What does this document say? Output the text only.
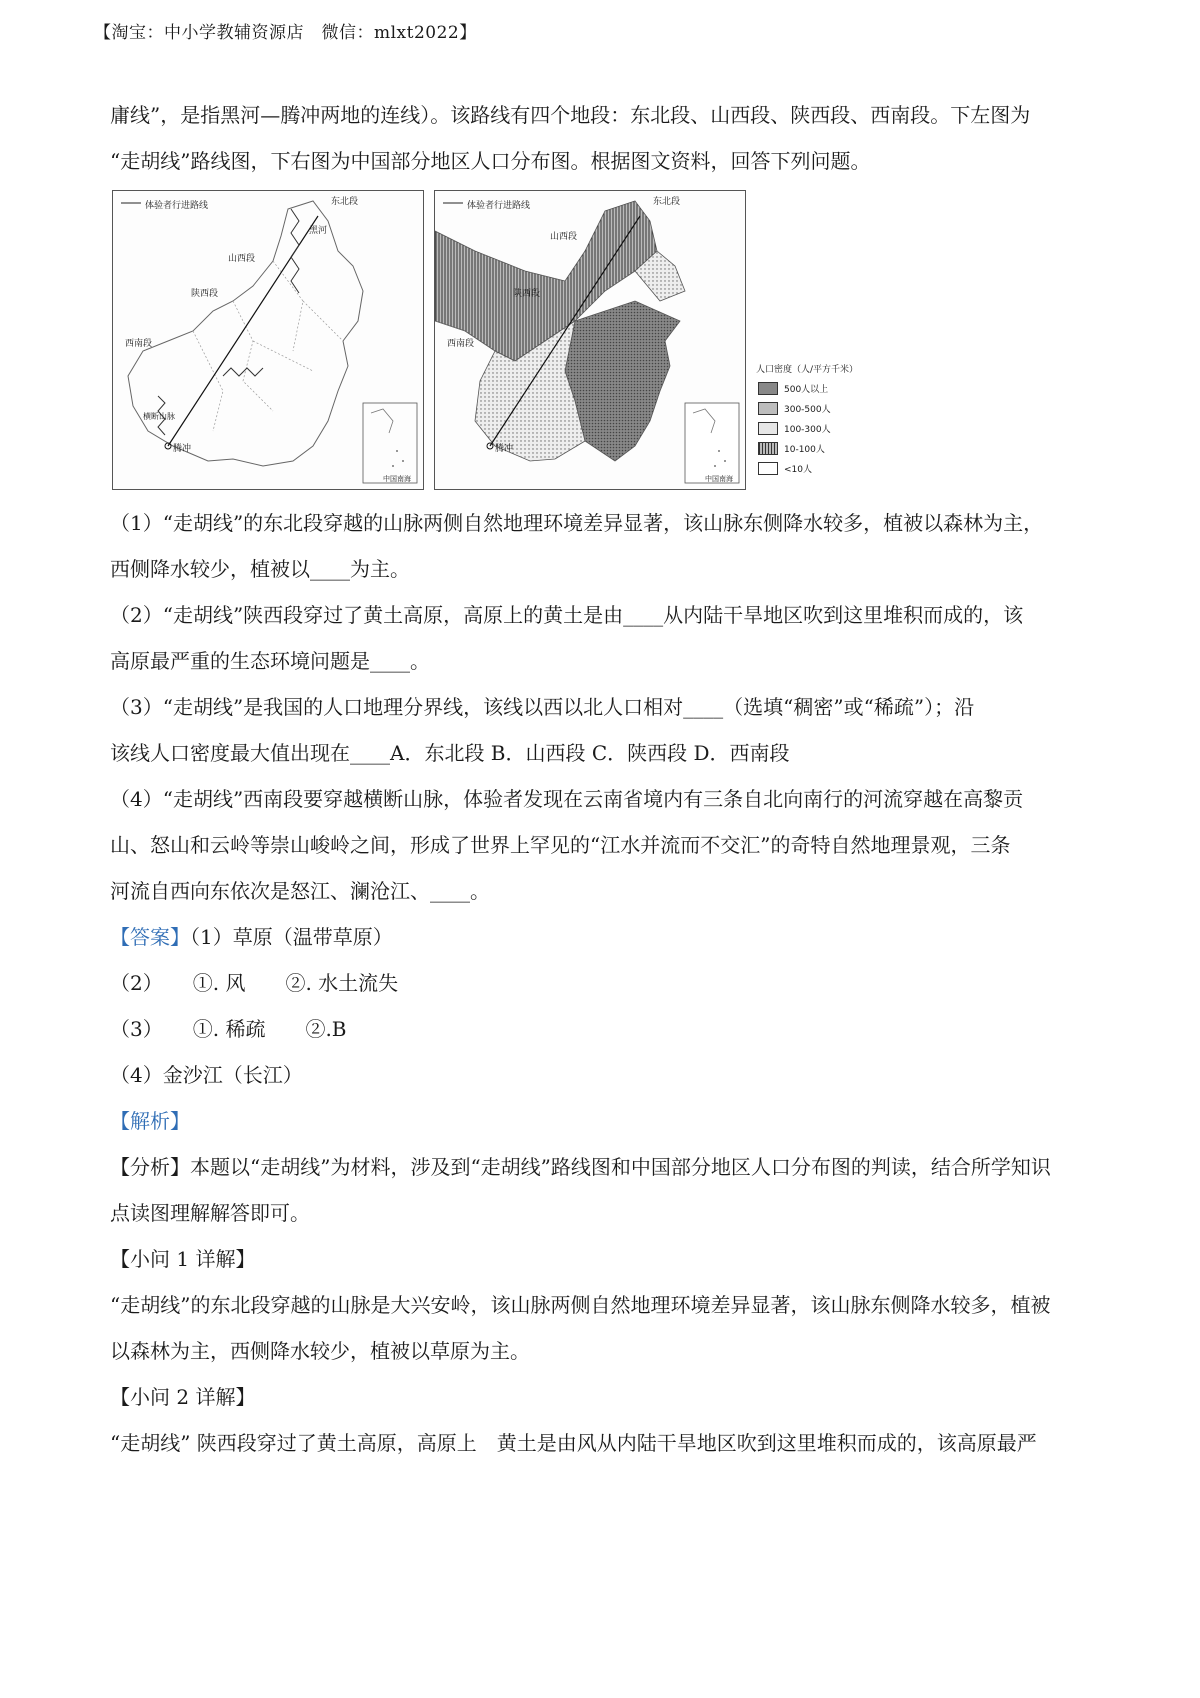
【淘宝：中小学教辅资源店　微信：mlxt2022】

庸线”，是指黑河—腾冲两地的连线）。该路线有四个地段：东北段、山西段、陕西段、西南段。下左图为

“走胡线”路线图，下右图为中国部分地区人口分布图。根据图文资料，回答下列问题。

体验者行进路线	东北段
黑河
山西段
陕西段
西南段
腾冲
横断山脉
中国南海
体验者行进路线	东北段
山西段
陕西段
西南段
腾冲
中国南海
人口密度（人/平方千米）
500人以上
300-500人
100-300人
10-100人
<10人

（1）“走胡线”的东北段穿越的山脉两侧自然地理环境差异显著，该山脉东侧降水较多，植被以森林为主，

西侧降水较少，植被以____为主。

（2）“走胡线”陕西段穿过了黄土高原，高原上的黄土是由____从内陆干旱地区吹到这里堆积而成的，该

高原最严重的生态环境问题是____。

（3）“走胡线”是我国的人口地理分界线，该线以西以北人口相对____（选填“稠密”或“稀疏”）；沿

该线人口密度最大值出现在____A．东北段 B．山西段 C．陕西段 D．西南段

（4）“走胡线”西南段要穿越横断山脉，体验者发现在云南省境内有三条自北向南行的河流穿越在高黎贡

山、怒山和云岭等崇山峻岭之间，形成了世界上罕见的“江水并流而不交汇”的奇特自然地理景观，三条

河流自西向东依次是怒江、澜沧江、____。

【答案】（1）草原（温带草原）

（2）　　①. 风　　②. 水土流失

（3）　　①. 稀疏　　②.B

（4）金沙江（长江）

【解析】

【分析】本题以“走胡线”为材料，涉及到“走胡线”路线图和中国部分地区人口分布图的判读，结合所学知识

点读图理解解答即可。

【小问 1 详解】

“走胡线”的东北段穿越的山脉是大兴安岭，该山脉两侧自然地理环境差异显著，该山脉东侧降水较多，植被

以森林为主，西侧降水较少，植被以草原为主。

【小问 2 详解】

“走胡线” 陕西段穿过了黄土高原，高原上　黄土是由风从内陆干旱地区吹到这里堆积而成的，该高原最严
